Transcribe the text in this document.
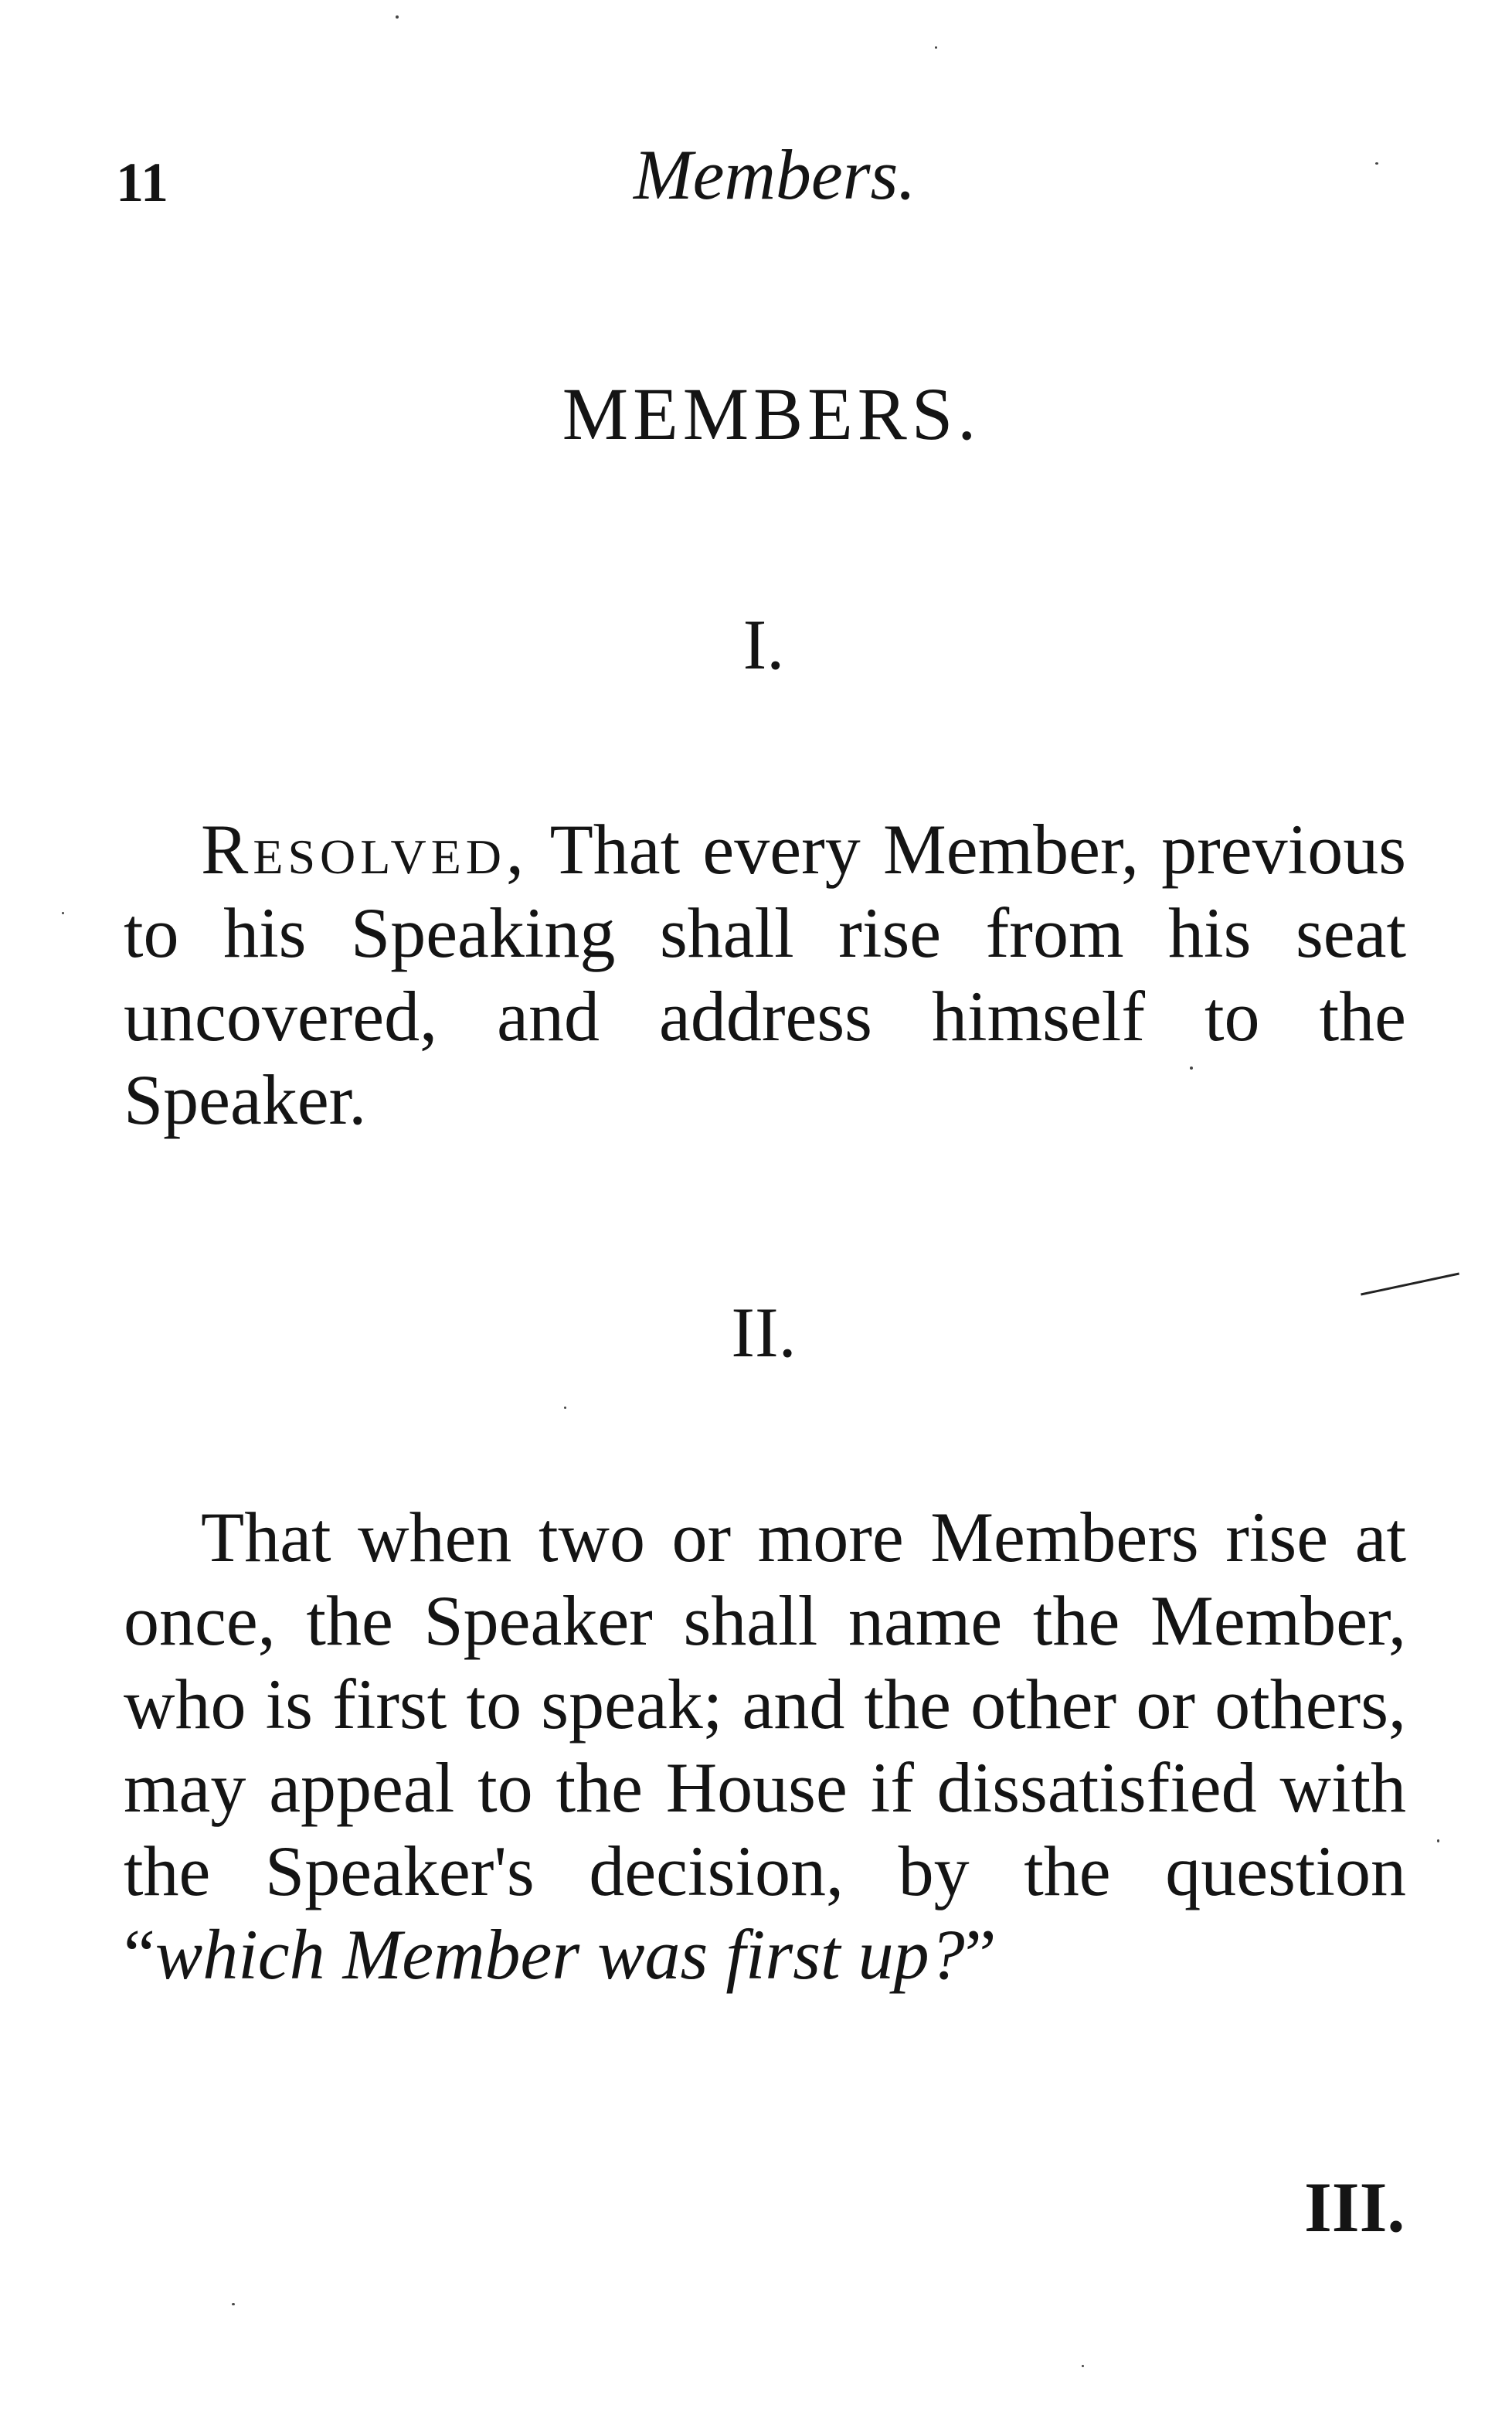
11	Members.
MEMBERS.
I.
Resolved, That every Member, previous to his Speaking shall rise from his seat uncovered, and address himself to the Speaker.
II.
That when two or more Members rise at once, the Speaker shall name the Member, who is first to speak; and the other or others, may appeal to the House if dissatisfied with the Speaker's decision, by the question “which Member was first up?”
III.
